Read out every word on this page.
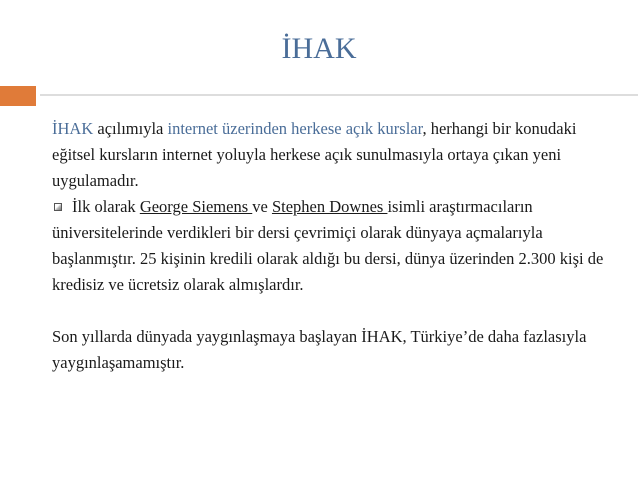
İHAK

İHAK açılımıyla internet üzerinden herkese açık kurslar, herhangi bir konudaki eğitsel kursların internet yoluyla herkese açık sunulmasıyla ortaya çıkan yeni uygulamadır.

İlk olarak George Siemens ve Stephen Downes isimli araştırmacıların üniversitelerinde verdikleri bir dersi çevrimiçi olarak dünyaya açmalarıyla başlanmıştır. 25 kişinin kredili olarak aldığı bu dersi, dünya üzerinden 2.300 kişi de kredisiz ve ücretsiz olarak almışlardır.

Son yıllarda dünyada yaygınlaşmaya başlayan İHAK, Türkiye’de daha fazlasıyla yaygınlaşamamıştır.
